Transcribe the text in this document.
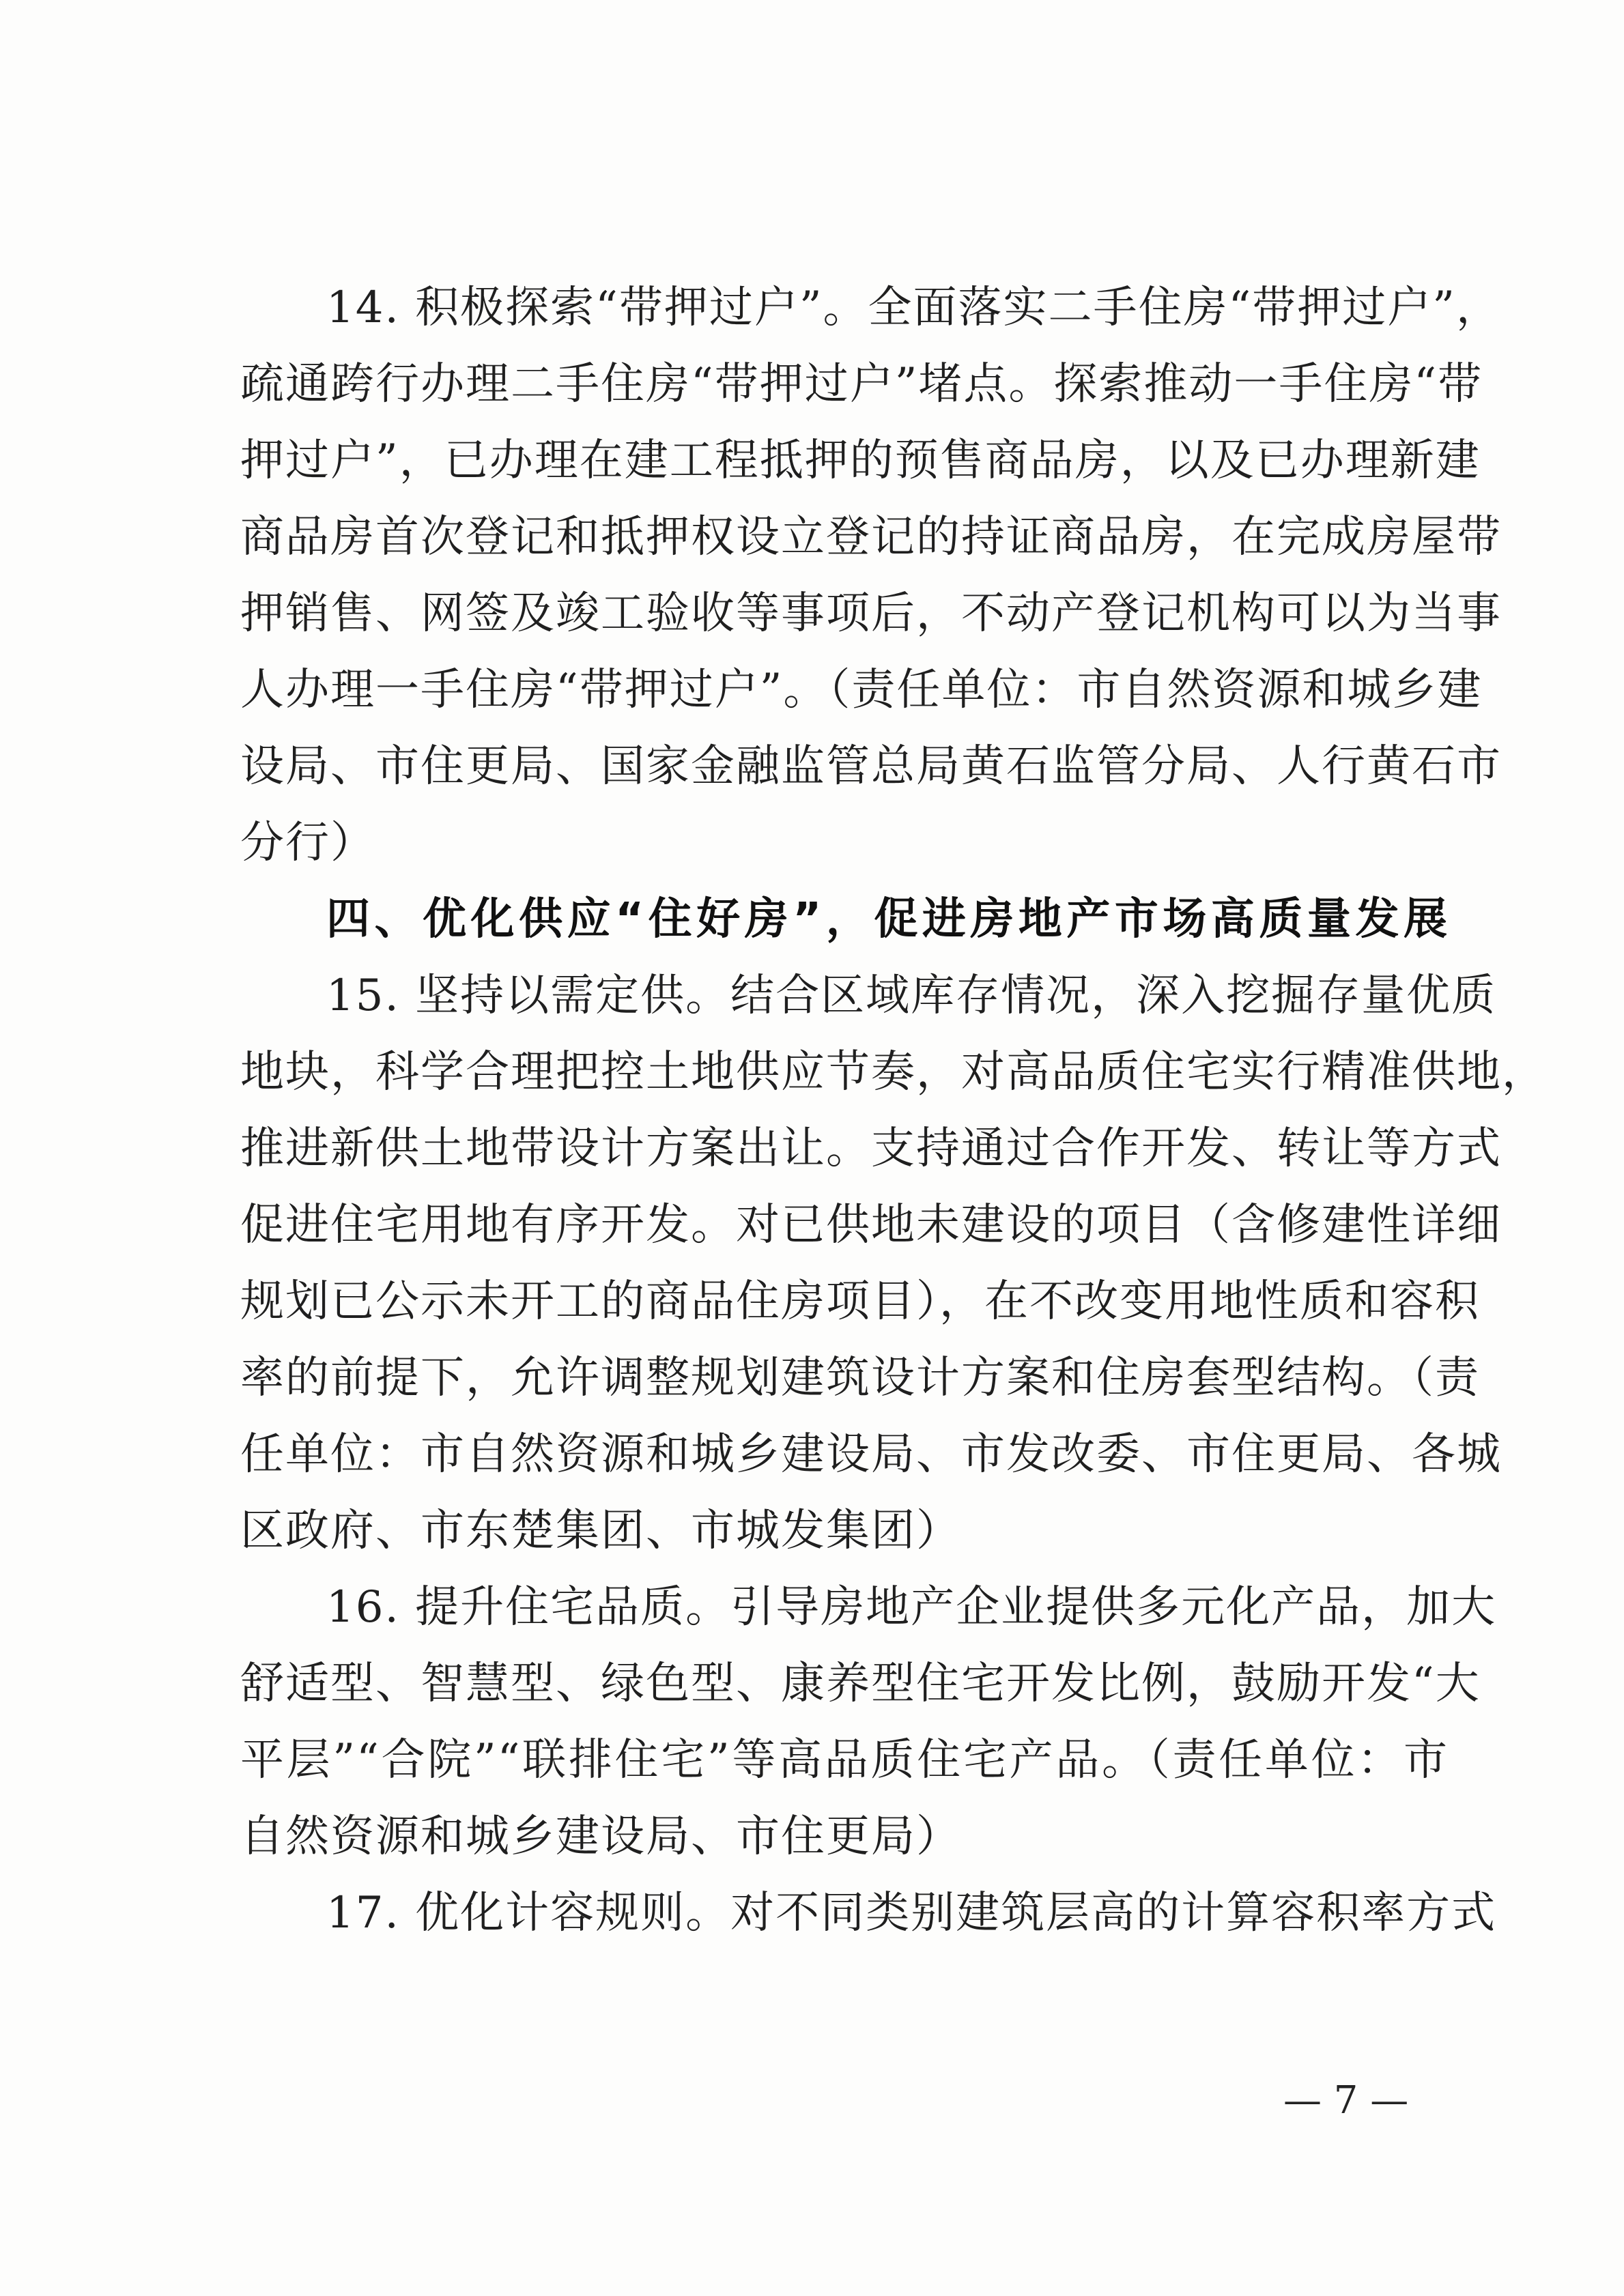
14. 积极探索“带押过户”。全面落实二手住房“带押过户”，
疏通跨行办理二手住房“带押过户”堵点。探索推动一手住房“带
押过户”，已办理在建工程抵押的预售商品房，以及已办理新建
商品房首次登记和抵押权设立登记的持证商品房，在完成房屋带
押销售、网签及竣工验收等事项后，不动产登记机构可以为当事
人办理一手住房“带押过户”。（责任单位：市自然资源和城乡建
设局、市住更局、国家金融监管总局黄石监管分局、人行黄石市
分行）
四、优化供应“住好房”，促进房地产市场高质量发展
15. 坚持以需定供。结合区域库存情况，深入挖掘存量优质
地块，科学合理把控土地供应节奏，对高品质住宅实行精准供地，
推进新供土地带设计方案出让。支持通过合作开发、转让等方式
促进住宅用地有序开发。对已供地未建设的项目（含修建性详细
规划已公示未开工的商品住房项目），在不改变用地性质和容积
率的前提下，允许调整规划建筑设计方案和住房套型结构。（责
任单位：市自然资源和城乡建设局、市发改委、市住更局、各城
区政府、市东楚集团、市城发集团）
16. 提升住宅品质。引导房地产企业提供多元化产品，加大
舒适型、智慧型、绿色型、康养型住宅开发比例，鼓励开发“大
平层”“合院”“联排住宅”等高品质住宅产品。（责任单位：市
自然资源和城乡建设局、市住更局）
17. 优化计容规则。对不同类别建筑层高的计算容积率方式
— 7 —
